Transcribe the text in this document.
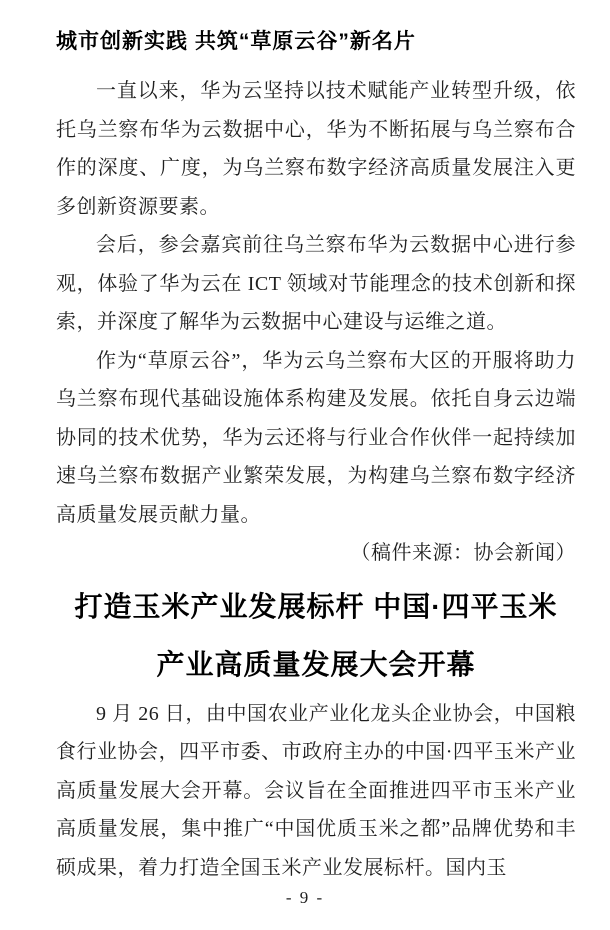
城市创新实践 共筑“草原云谷”新名片

一直以来，华为云坚持以技术赋能产业转型升级，依托乌兰察布华为云数据中心，华为不断拓展与乌兰察布合作的深度、广度，为乌兰察布数字经济高质量发展注入更多创新资源要素。

会后，参会嘉宾前往乌兰察布华为云数据中心进行参观，体验了华为云在 ICT 领域对节能理念的技术创新和探索，并深度了解华为云数据中心建设与运维之道。

作为“草原云谷”，华为云乌兰察布大区的开服将助力乌兰察布现代基础设施体系构建及发展。依托自身云边端协同的技术优势，华为云还将与行业合作伙伴一起持续加速乌兰察布数据产业繁荣发展，为构建乌兰察布数字经济高质量发展贡献力量。

（稿件来源：协会新闻）

打造玉米产业发展标杆 中国·四平玉米
产业高质量发展大会开幕

9 月 26 日，由中国农业产业化龙头企业协会，中国粮食行业协会，四平市委、市政府主办的中国·四平玉米产业高质量发展大会开幕。会议旨在全面推进四平市玉米产业高质量发展，集中推广“中国优质玉米之都”品牌优势和丰硕成果，着力打造全国玉米产业发展标杆。国内玉

- 9 -
